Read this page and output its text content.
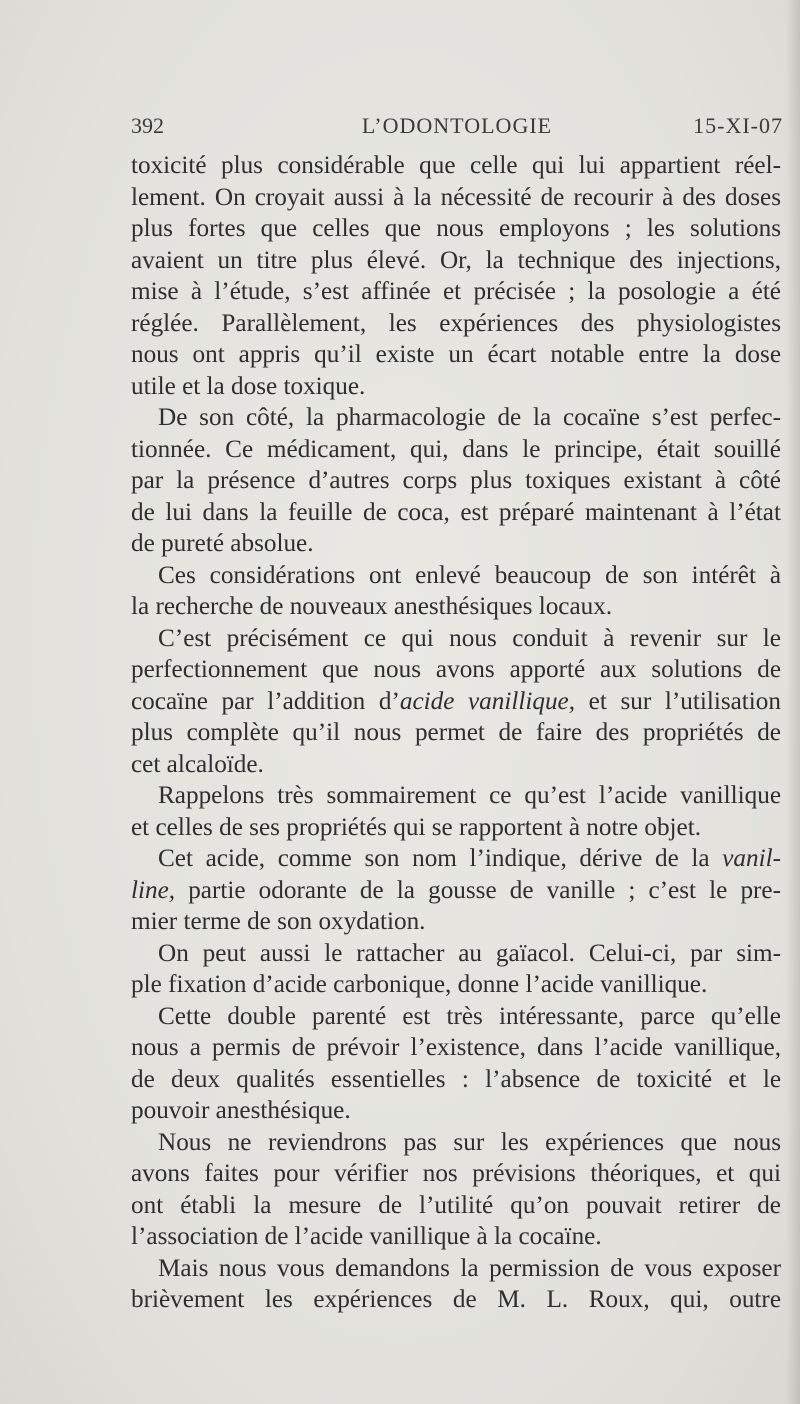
392	L’ODONTOLOGIE	15-XI-07
toxicité plus considérable que celle qui lui appartient réel-
lement. On croyait aussi à la nécessité de recourir à des doses
plus fortes que celles que nous employons ; les solutions
avaient un titre plus élevé. Or, la technique des injections,
mise à l’étude, s’est affinée et précisée ; la posologie a été
réglée. Parallèlement, les expériences des physiologistes
nous ont appris qu’il existe un écart notable entre la dose
utile et la dose toxique.
De son côté, la pharmacologie de la cocaïne s’est perfec-
tionnée. Ce médicament, qui, dans le principe, était souillé
par la présence d’autres corps plus toxiques existant à côté
de lui dans la feuille de coca, est préparé maintenant à l’état
de pureté absolue.
Ces considérations ont enlevé beaucoup de son intérêt à
la recherche de nouveaux anesthésiques locaux.
C’est précisément ce qui nous conduit à revenir sur le
perfectionnement que nous avons apporté aux solutions de
cocaïne par l’addition d’acide vanillique, et sur l’utilisation
plus complète qu’il nous permet de faire des propriétés de
cet alcaloïde.
Rappelons très sommairement ce qu’est l’acide vanillique
et celles de ses propriétés qui se rapportent à notre objet.
Cet acide, comme son nom l’indique, dérive de la vanil-
line, partie odorante de la gousse de vanille ; c’est le pre-
mier terme de son oxydation.
On peut aussi le rattacher au gaïacol. Celui-ci, par sim-
ple fixation d’acide carbonique, donne l’acide vanillique.
Cette double parenté est très intéressante, parce qu’elle
nous a permis de prévoir l’existence, dans l’acide vanillique,
de deux qualités essentielles : l’absence de toxicité et le
pouvoir anesthésique.
Nous ne reviendrons pas sur les expériences que nous
avons faites pour vérifier nos prévisions théoriques, et qui
ont établi la mesure de l’utilité qu’on pouvait retirer de
l’association de l’acide vanillique à la cocaïne.
Mais nous vous demandons la permission de vous exposer
brièvement les expériences de M. L. Roux, qui, outre
